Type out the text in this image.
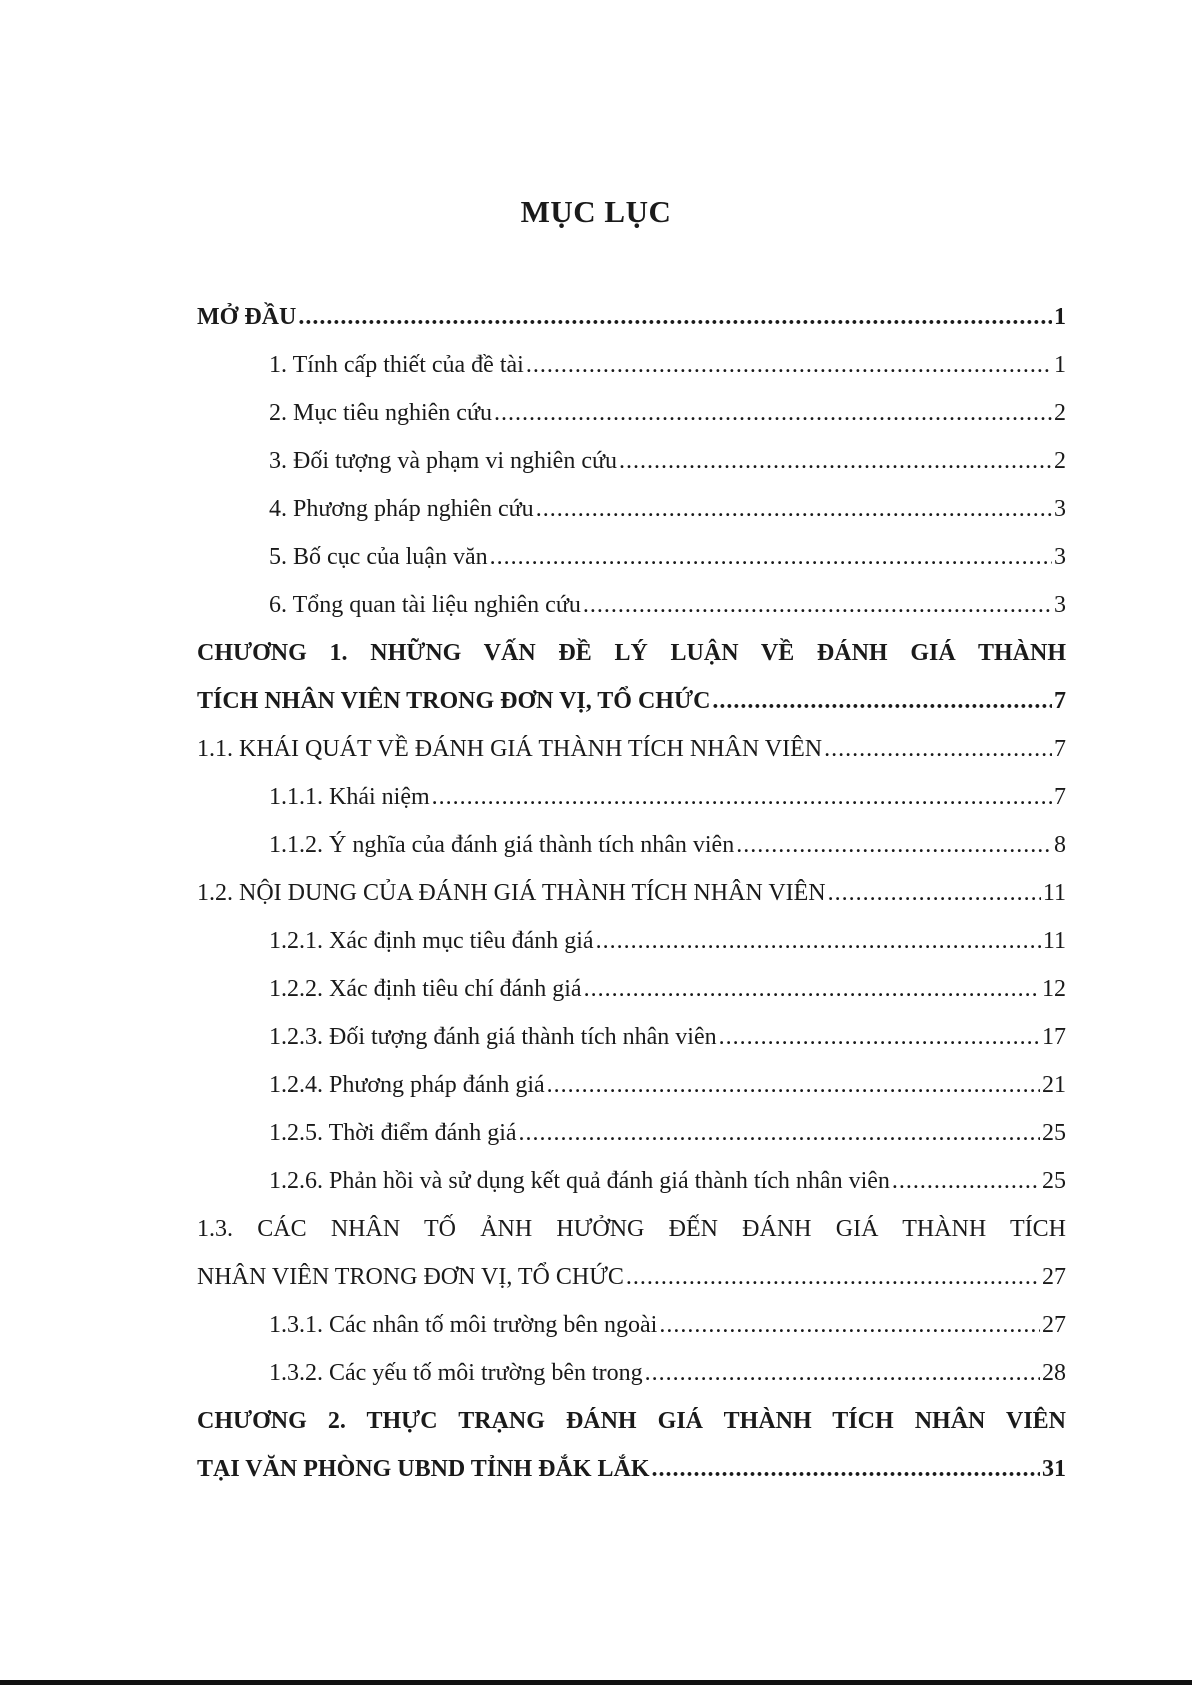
MỤC LỤC
MỞ ĐẦU .....	1
1. Tính cấp thiết của đề tài .....	1
2. Mục tiêu nghiên cứu .....	2
3. Đối tượng và phạm vi nghiên cứu .....	2
4. Phương pháp nghiên cứu .....	3
5. Bố cục của luận văn .....	3
6. Tổng quan tài liệu nghiên cứu .....	3
CHƯƠNG 1. NHỮNG VẤN ĐỀ LÝ LUẬN VỀ ĐÁNH GIÁ THÀNH
TÍCH NHÂN VIÊN TRONG ĐƠN VỊ, TỔ CHỨC .....	7
1.1. KHÁI QUÁT VỀ ĐÁNH GIÁ THÀNH TÍCH NHÂN VIÊN .....	7
1.1.1. Khái niệm .....	7
1.1.2. Ý nghĩa của đánh giá thành tích nhân viên .....	8
1.2. NỘI DUNG CỦA ĐÁNH GIÁ THÀNH TÍCH NHÂN VIÊN .....	11
1.2.1. Xác định mục tiêu đánh giá .....	11
1.2.2. Xác định tiêu chí đánh giá .....	12
1.2.3. Đối tượng đánh giá thành tích nhân viên .....	17
1.2.4. Phương pháp đánh giá .....	21
1.2.5. Thời điểm đánh giá .....	25
1.2.6. Phản hồi và sử dụng kết quả đánh giá thành tích nhân viên .....	25
1.3. CÁC NHÂN TỐ ẢNH HƯỞNG ĐẾN ĐÁNH GIÁ THÀNH TÍCH
NHÂN VIÊN TRONG ĐƠN VỊ, TỔ CHỨC .....	27
1.3.1. Các nhân tố môi trường bên ngoài .....	27
1.3.2. Các yếu tố môi trường bên trong .....	28
CHƯƠNG 2. THỰC TRẠNG ĐÁNH GIÁ THÀNH TÍCH NHÂN VIÊN
TẠI VĂN PHÒNG UBND TỈNH ĐẮK LẮK .....	31
